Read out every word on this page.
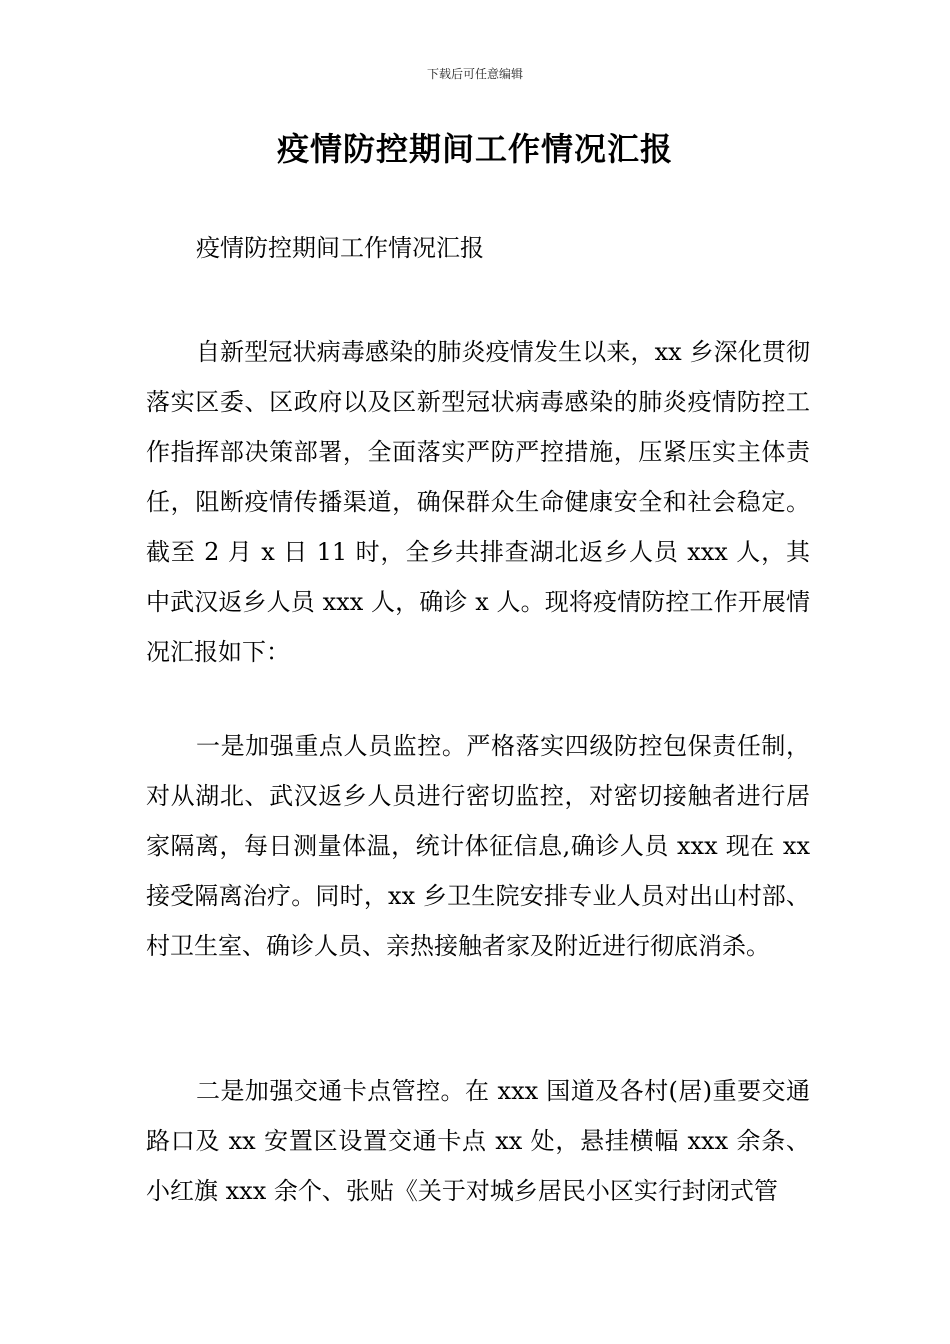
下载后可任意编辑
疫情防控期间工作情况汇报
疫情防控期间工作情况汇报

自新型冠状病毒感染的肺炎疫情发生以来，xx 乡深化贯彻落实区委、区政府以及区新型冠状病毒感染的肺炎疫情防控工作指挥部决策部署，全面落实严防严控措施，压紧压实主体责任，阻断疫情传播渠道，确保群众生命健康安全和社会稳定。截至 2 月 x 日 11 时，全乡共排查湖北返乡人员 xxx 人，其中武汉返乡人员 xxx 人，确诊 x 人。现将疫情防控工作开展情况汇报如下：

一是加强重点人员监控。严格落实四级防控包保责任制，对从湖北、武汉返乡人员进行密切监控，对密切接触者进行居家隔离，每日测量体温，统计体征信息,确诊人员 xxx 现在 xx 接受隔离治疗。同时，xx 乡卫生院安排专业人员对出山村部、村卫生室、确诊人员、亲热接触者家及附近进行彻底消杀。

二是加强交通卡点管控。在 xxx 国道及各村(居)重要交通路口及 xx 安置区设置交通卡点 xx 处，悬挂横幅 xxx 余条、小红旗 xxx 余个、张贴《关于对城乡居民小区实行封闭式管
